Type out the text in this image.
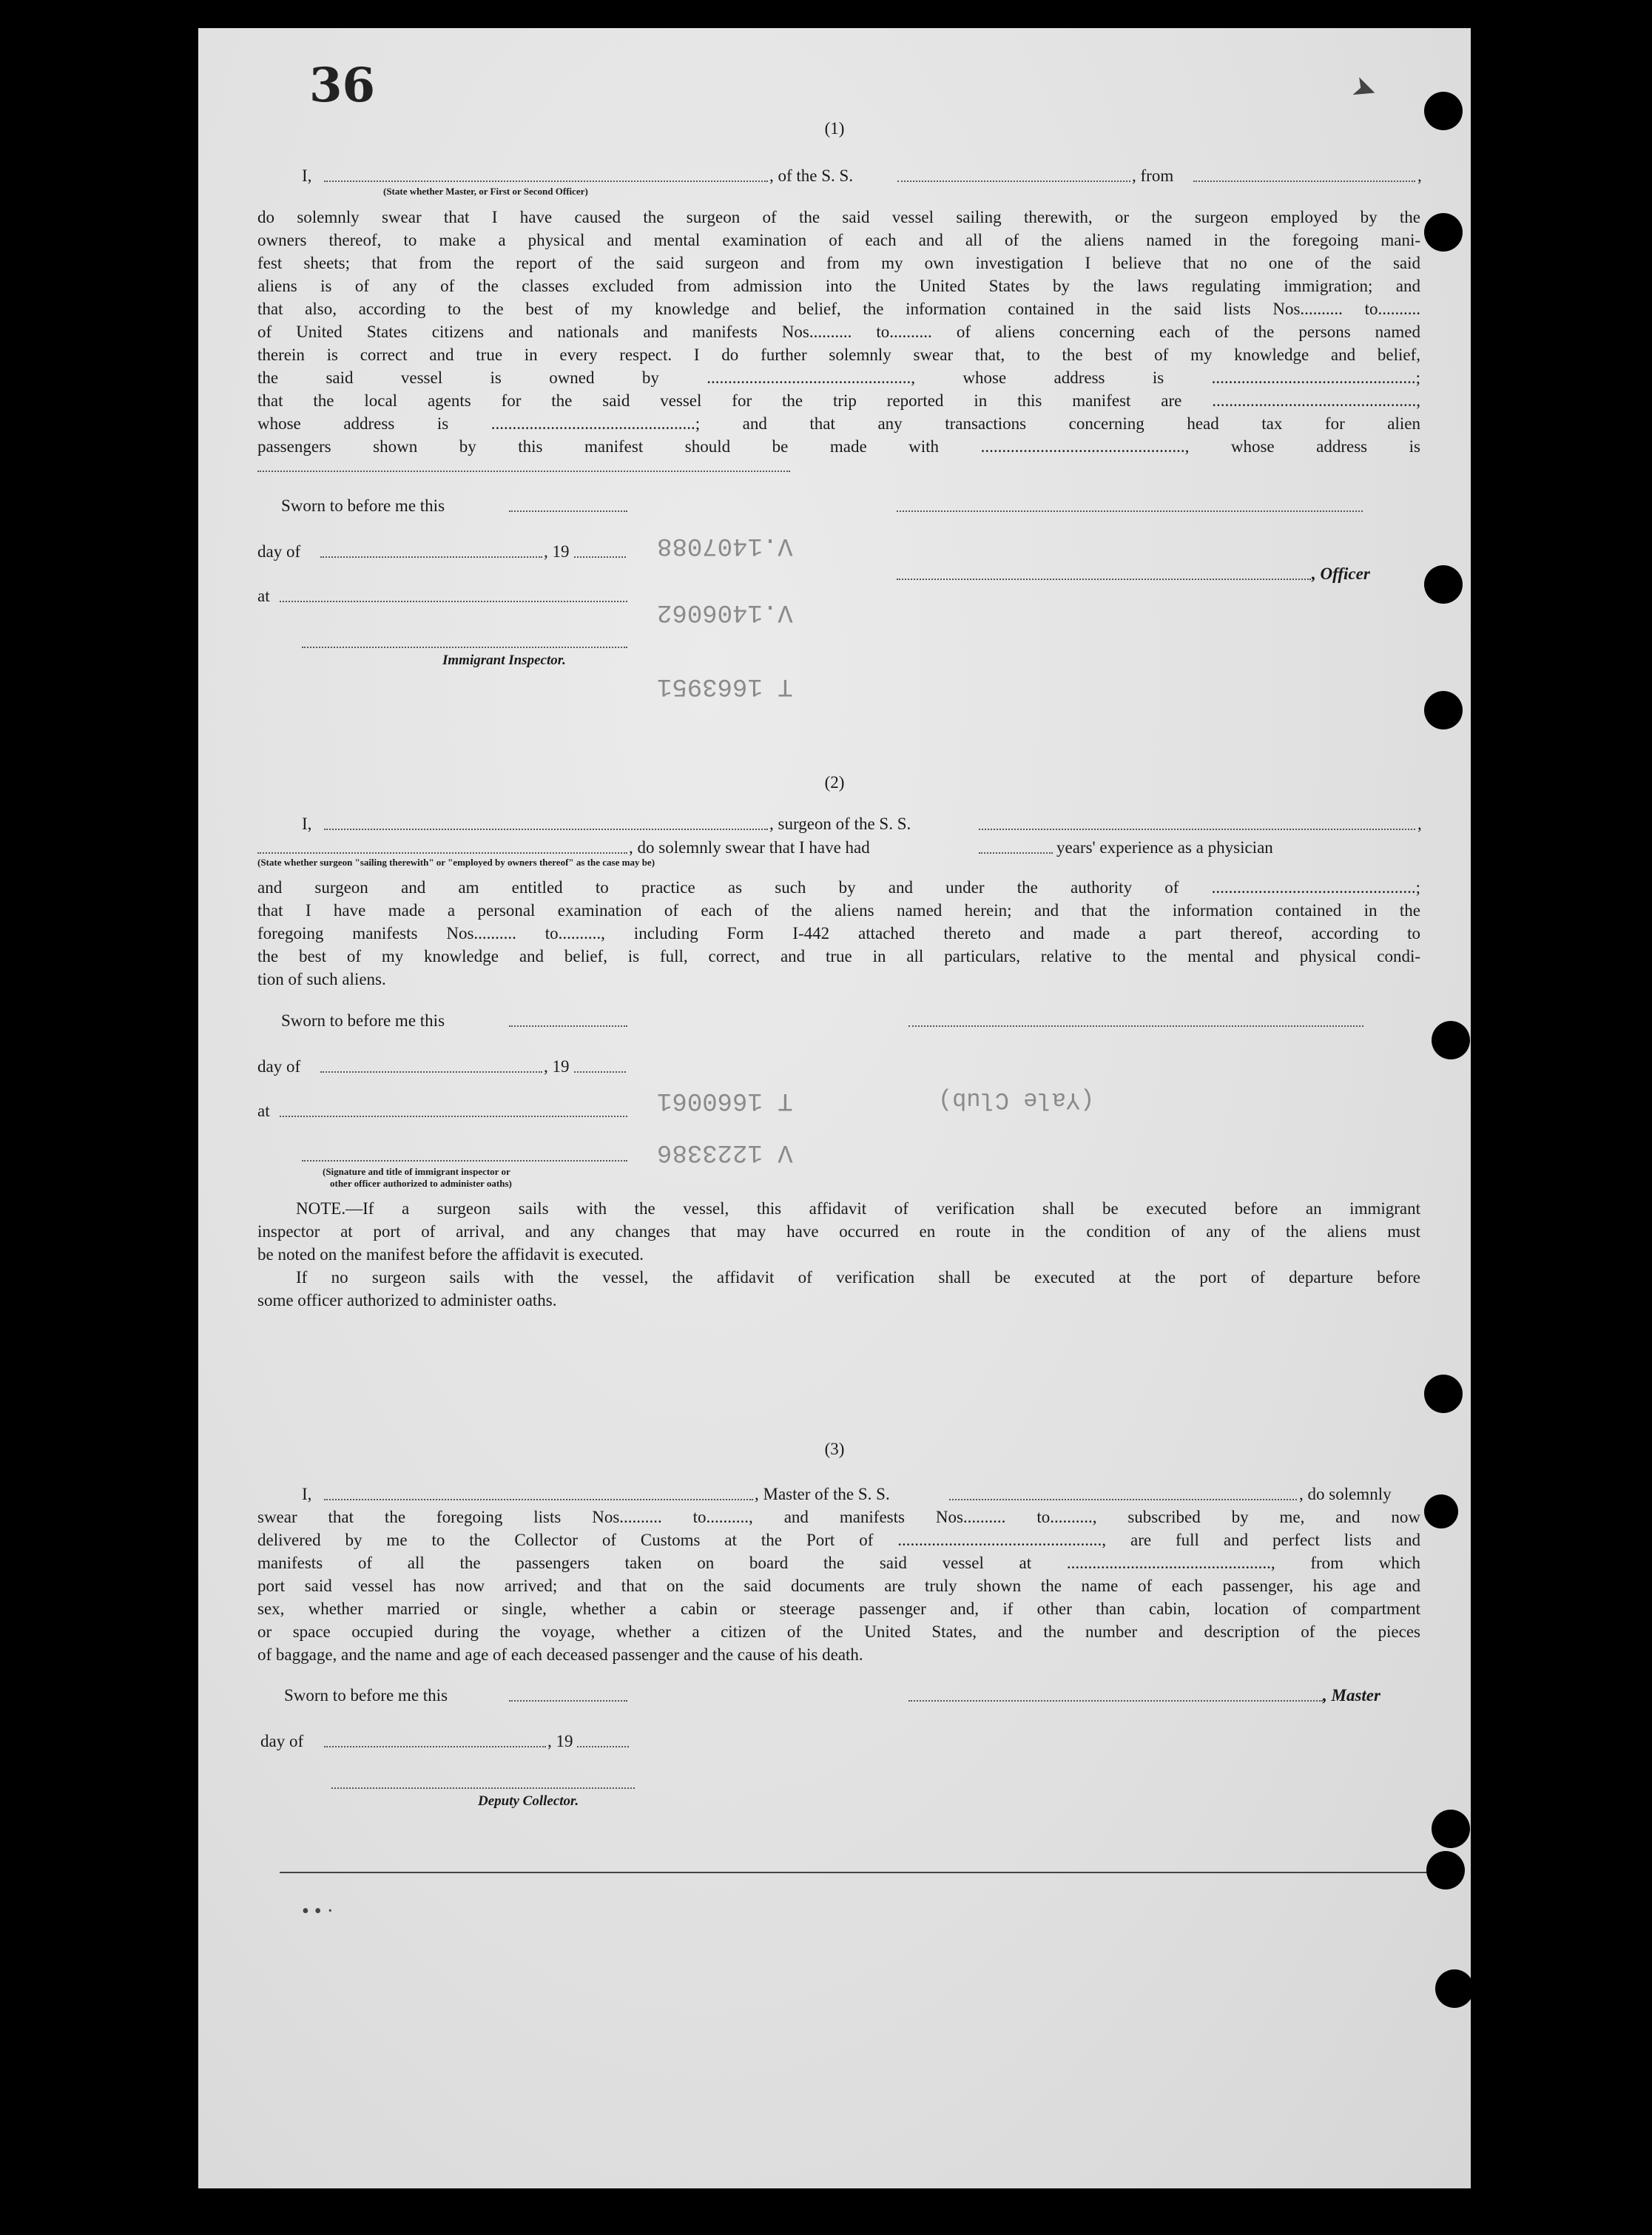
36
V.1407088
V.1406062
T 1663951
T 1660061
V 1223386
(Yale Club)
(1)
I,	, of the S. S.	, from	,
(State whether Master, or First or Second Officer)
do solemnly swear that I have caused the surgeon of the said vessel sailing therewith, or the surgeon employed by the
owners thereof, to make a physical and mental examination of each and all of the aliens named in the foregoing mani-
fest sheets; that from the report of the said surgeon and from my own investigation I believe that no one of the said
aliens is of any of the classes excluded from admission into the United States by the laws regulating immigration; and
that also, according to the best of my knowledge and belief, the information contained in the said lists Nos.......... to..........
of United States citizens and nationals and manifests Nos.......... to.......... of aliens concerning each of the persons named
therein is correct and true in every respect. I do further solemnly swear that, to the best of my knowledge and belief,
the said vessel is owned by ................................................, whose address is ................................................;
that the local agents for the said vessel for the trip reported in this manifest are ................................................,
whose address is ................................................; and that any transactions concerning head tax for alien
passengers shown by this manifest should be made with ................................................, whose address is
Sworn to before me this
day of	, 19
, Officer
at
Immigrant Inspector.
(2)
I,	, surgeon of the S. S.	,
, do solemnly swear that I have had	years' experience as a physician
(State whether surgeon "sailing therewith" or "employed by owners thereof" as the case may be)
and surgeon and am entitled to practice as such by and under the authority of ................................................;
that I have made a personal examination of each of the aliens named herein; and that the information contained in the
foregoing manifests Nos.......... to.........., including Form I-442 attached thereto and made a part thereof, according to
the best of my knowledge and belief, is full, correct, and true in all particulars, relative to the mental and physical condi-
tion of such aliens.
Sworn to before me this
day of	, 19
at
(Signature and title of immigrant inspector or
other officer authorized to administer oaths)
NOTE.—If a surgeon sails with the vessel, this affidavit of verification shall be executed before an immigrant
inspector at port of arrival, and any changes that may have occurred en route in the condition of any of the aliens must
be noted on the manifest before the affidavit is executed.
If no surgeon sails with the vessel, the affidavit of verification shall be executed at the port of departure before
some officer authorized to administer oaths.
(3)
I,	, Master of the S. S.	, do solemnly
swear that the foregoing lists Nos.......... to.........., and manifests Nos.......... to.........., subscribed by me, and now
delivered by me to the Collector of Customs at the Port of ................................................, are full and perfect lists and
manifests of all the passengers taken on board the said vessel at ................................................, from which
port said vessel has now arrived; and that on the said documents are truly shown the name of each passenger, his age and
sex, whether married or single, whether a cabin or steerage passenger and, if other than cabin, location of compartment
or space occupied during the voyage, whether a citizen of the United States, and the number and description of the pieces
of baggage, and the name and age of each deceased passenger and the cause of his death.
Sworn to before me this	, Master
day of	, 19
Deputy Collector.
➤
• • ·
